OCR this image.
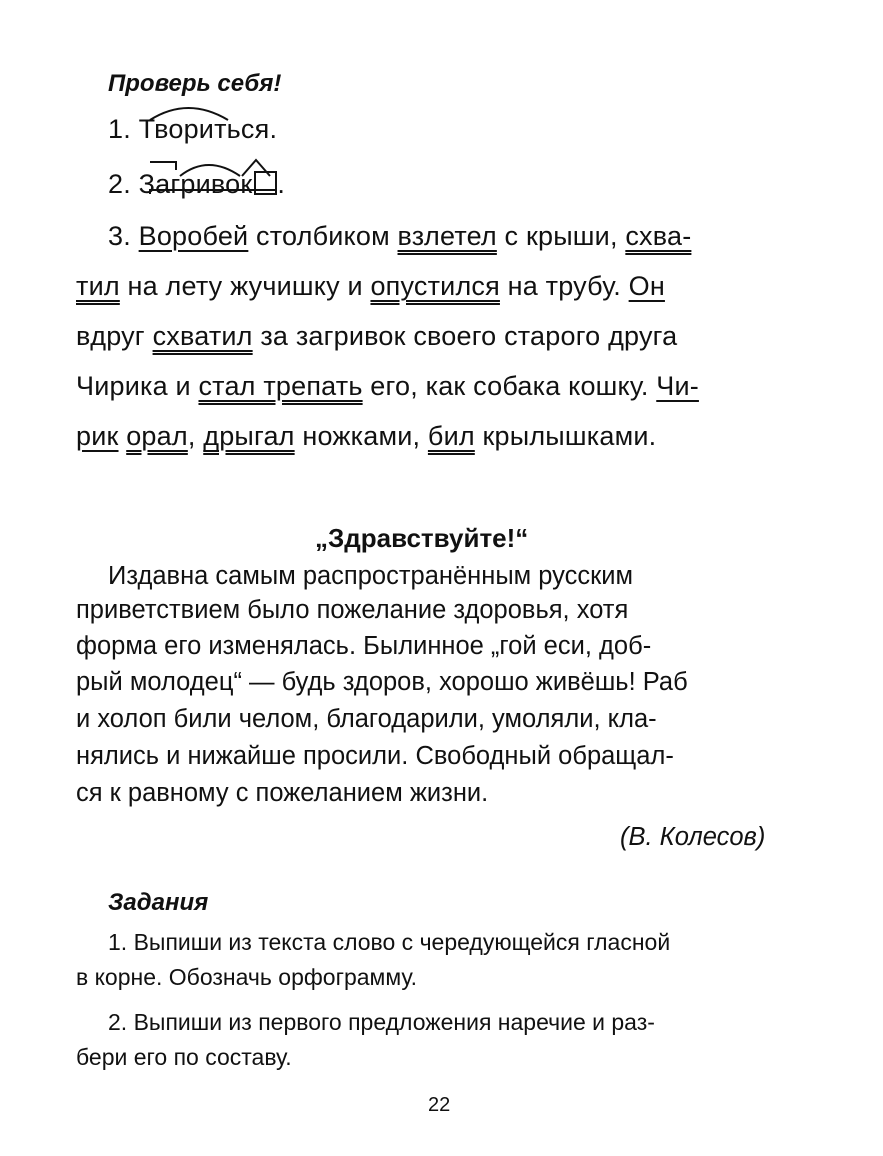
Проверь себя!
1. Твориться.
2. Загривок .
3. Воробей столбиком взлетел с крыши, схва-
тил на лету жучишку и опустился на трубу. Он
вдруг схватил за загривок своего старого друга
Чирика и стал трепать его, как собака кошку. Чи-
рик орал, дрыгал ножками, бил крылышками.
„Здравствуйте!“
Издавна самым распространённым русским
приветствием было пожелание здоровья, хотя
форма его изменялась. Былинное „гой еси, доб-
рый молодец“ — будь здоров, хорошо живёшь! Раб
и холоп били челом, благодарили, умоляли, кла-
нялись и нижайше просили. Свободный обращал-
ся к равному с пожеланием жизни.
(В. Колесов)
Задания
1. Выпиши из текста слово с чередующейся гласной
в корне. Обозначь орфограмму.
2. Выпиши из первого предложения наречие и раз-
бери его по составу.
22
